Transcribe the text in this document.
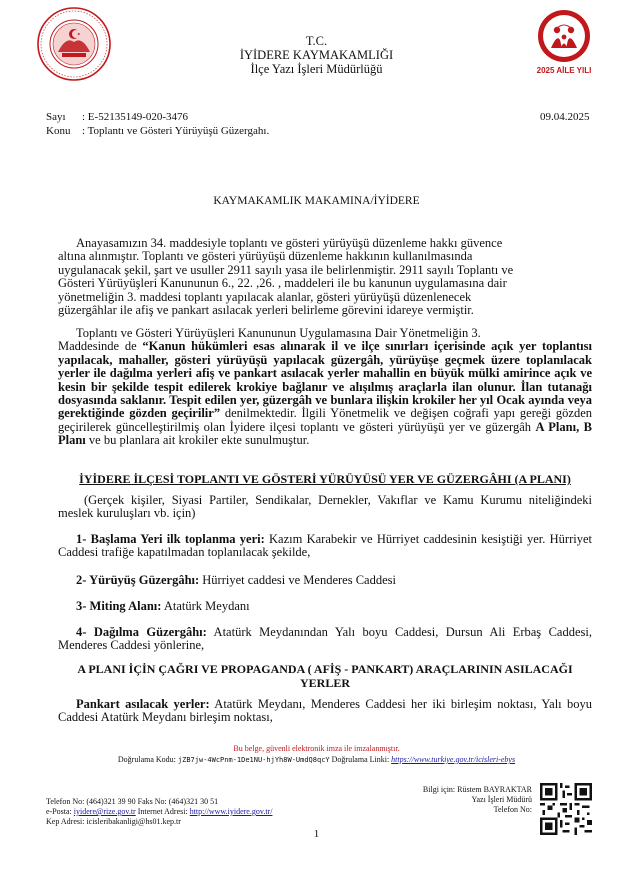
T.C.
İYİDERE KAYMAKAMLIĞI
İlçe Yazı İşleri Müdürlüğü	2025 AİLE YILI
Sayı : E-52135149-020-3476	09.04.2025
Konu : Toplantı ve Gösteri Yürüyüşü Güzergahı.
KAYMAKAMLIK MAKAMINA/İYİDERE
Anayasamızın 34. maddesiyle toplantı ve gösteri yürüyüşü düzenleme hakkı güvence
altına alınmıştır. Toplantı ve gösteri yürüyüşü düzenleme hakkının kullanılmasında
uygulanacak şekil, şart ve usuller 2911 sayılı yasa ile belirlenmiştir. 2911 sayılı Toplantı ve
Gösteri Yürüyüşleri Kanununun 6., 22. ,26. , maddeleri ile bu kanunun uygulamasına dair
yönetmeliğin 3. maddesi toplantı yapılacak alanlar, gösteri yürüyüşü düzenlenecek
güzergâhlar ile afiş ve pankart asılacak yerleri belirleme görevini idareye vermiştir.
Toplantı ve Gösteri Yürüyüşleri Kanununun Uygulamasına Dair Yönetmeliğin 3.
Maddesinde de “Kanun hükümleri esas alınarak il ve ilçe sınırları içerisinde açık yer toplantısı yapılacak, mahaller, gösteri yürüyüşü yapılacak güzergâh, yürüyüşe geçmek üzere toplanılacak yerler ile dağılma yerleri afiş ve pankart asılacak yerler mahallin en büyük mülki amirince açık ve kesin bir şekilde tespit edilerek krokiye bağlanır ve alışılmış araçlarla ilan olunur. İlan tutanağı dosyasında saklanır. Tespit edilen yer, güzergâh ve bunlara ilişkin krokiler her yıl Ocak ayında veya gerektiğinde gözden geçirilir” denilmektedir. İlgili Yönetmelik ve değişen coğrafi yapı gereği gözden geçirilerek güncelleştirilmiş olan İyidere ilçesi toplantı ve gösteri yürüyüşü yer ve güzergâh A Planı, B Planı ve bu planlara ait krokiler ekte sunulmuştur.
İYİDERE İLÇESİ TOPLANTI VE GÖSTERİ YÜRÜYÜSÜ YER VE GÜZERGÂHI (A PLANI)
(Gerçek kişiler, Siyasi Partiler, Sendikalar, Dernekler, Vakıflar ve Kamu Kurumu niteliğindeki meslek kuruluşları vb. için)
1- Başlama Yeri ilk toplanma yeri: Kazım Karabekir ve Hürriyet caddesinin kesiştiği yer. Hürriyet Caddesi trafiğe kapatılmadan toplanılacak şekilde,
2- Yürüyüş Güzergâhı: Hürriyet caddesi ve Menderes Caddesi
3- Miting Alanı: Atatürk Meydanı
4- Dağılma Güzergâhı: Atatürk Meydanından Yalı boyu Caddesi, Dursun Ali Erbaş Caddesi, Menderes Caddesi yönlerine,
A PLANI İÇİN ÇAĞRI VE PROPAGANDA ( AFİŞ - PANKART) ARAÇLARININ ASILACAĞI
YERLER
Pankart asılacak yerler: Atatürk Meydanı, Menderes Caddesi her iki birleşim noktası, Yalı boyu Caddesi Atatürk Meydanı birleşim noktası,
Bu belge, güvenli elektronik imza ile imzalanmıştır.
Doğrulama Kodu: jZB7jw-4WcPnm-1De1NU-hjYh8W-UmdQ8qcY Doğrulama Linki: https://www.turkiye.gov.tr/icisleri-ebys
Telefon No: (464)321 39 90 Faks No: (464)321 30 51
e-Posta: iyidere@rize.gov.tr Internet Adresi: http://www.iyidere.gov.tr/
Kep Adresi: icisleribakanligi@hs01.kep.tr
Bilgi için: Rüstem BAYRAKTAR
Yazı İşleri Müdürü
Telefon No:
1
